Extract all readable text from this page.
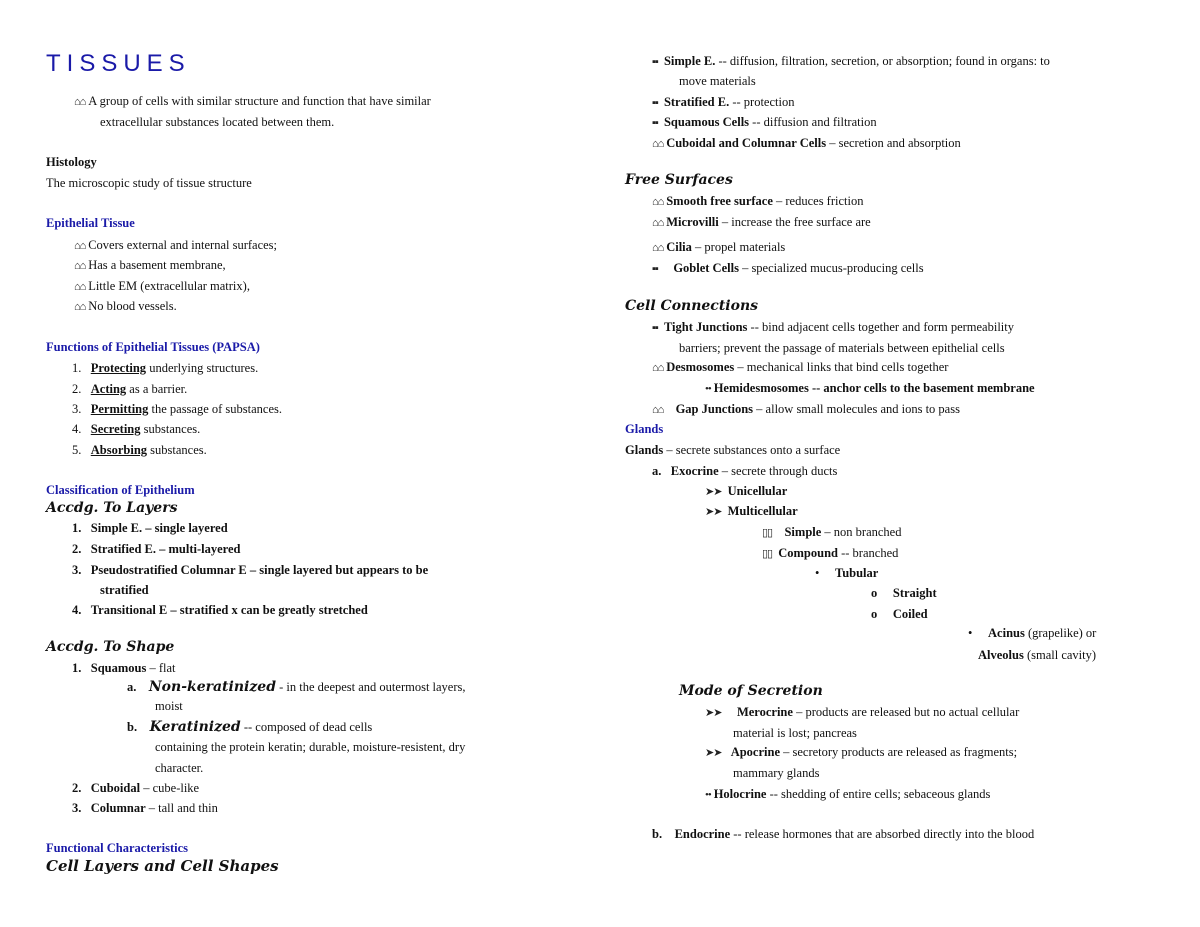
TISSUES
⌂⌂ A group of cells with similar structure and function that have similar
extracellular substances located between them.
Histology
The microscopic study of tissue structure
Epithelial Tissue
⌂⌂ Covers external and internal surfaces;
⌂⌂ Has a basement membrane,
⌂⌂ Little EM (extracellular matrix),
⌂⌂ No blood vessels.
Functions of Epithelial Tissues (PAPSA)
1. Protecting underlying structures.
2. Acting as a barrier.
3. Permitting the passage of substances.
4. Secreting substances.
5. Absorbing substances.
Classification of Epithelium
Accdg. To Layers
1. Simple E. – single layered
2. Stratified E. – multi-layered
3. Pseudostratified Columnar E – single layered but appears to be
stratified
4. Transitional E – stratified x can be greatly stretched
Accdg. To Shape
1. Squamous – flat
a. Non-keratinized - in the deepest and outermost layers,
moist
b. Keratinized -- composed of dead cells
containing the protein keratin; durable, moisture-resistent, dry
character.
2. Cuboidal – cube-like
3. Columnar – tall and thin
Functional Characteristics
Cell Layers and Cell Shapes
▪▪ Simple E. -- diffusion, filtration, secretion, or absorption; found in organs: to
move materials
▪▪ Stratified E. -- protection
▪▪ Squamous Cells -- diffusion and filtration
⌂⌂ Cuboidal and Columnar Cells – secretion and absorption
Free Surfaces
⌂⌂ Smooth free surface – reduces friction
⌂⌂ Microvilli – increase the free surface are
⌂⌂ Cilia – propel materials
▪▪ Goblet Cells – specialized mucus-producing cells
Cell Connections
▪▪ Tight Junctions -- bind adjacent cells together and form permeability
barriers; prevent the passage of materials between epithelial cells
⌂⌂ Desmosomes – mechanical links that bind cells together
•• Hemidesmosomes -- anchor cells to the basement membrane
⌂⌂ Gap Junctions – allow small molecules and ions to pass
Glands
Glands – secrete substances onto a surface
a. Exocrine – secrete through ducts
➤➤ Unicellular
➤➤ Multicellular
▯▯ Simple – non branched
▯▯ Compound -- branched
• Tubular
o Straight
o Coiled
• Acinus (grapelike) or
Alveolus (small cavity)
Mode of Secretion
➤➤ Merocrine – products are released but no actual cellular
material is lost; pancreas
➤➤ Apocrine – secretory products are released as fragments;
mammary glands
•• Holocrine -- shedding of entire cells; sebaceous glands
b. Endocrine -- release hormones that are absorbed directly into the blood
